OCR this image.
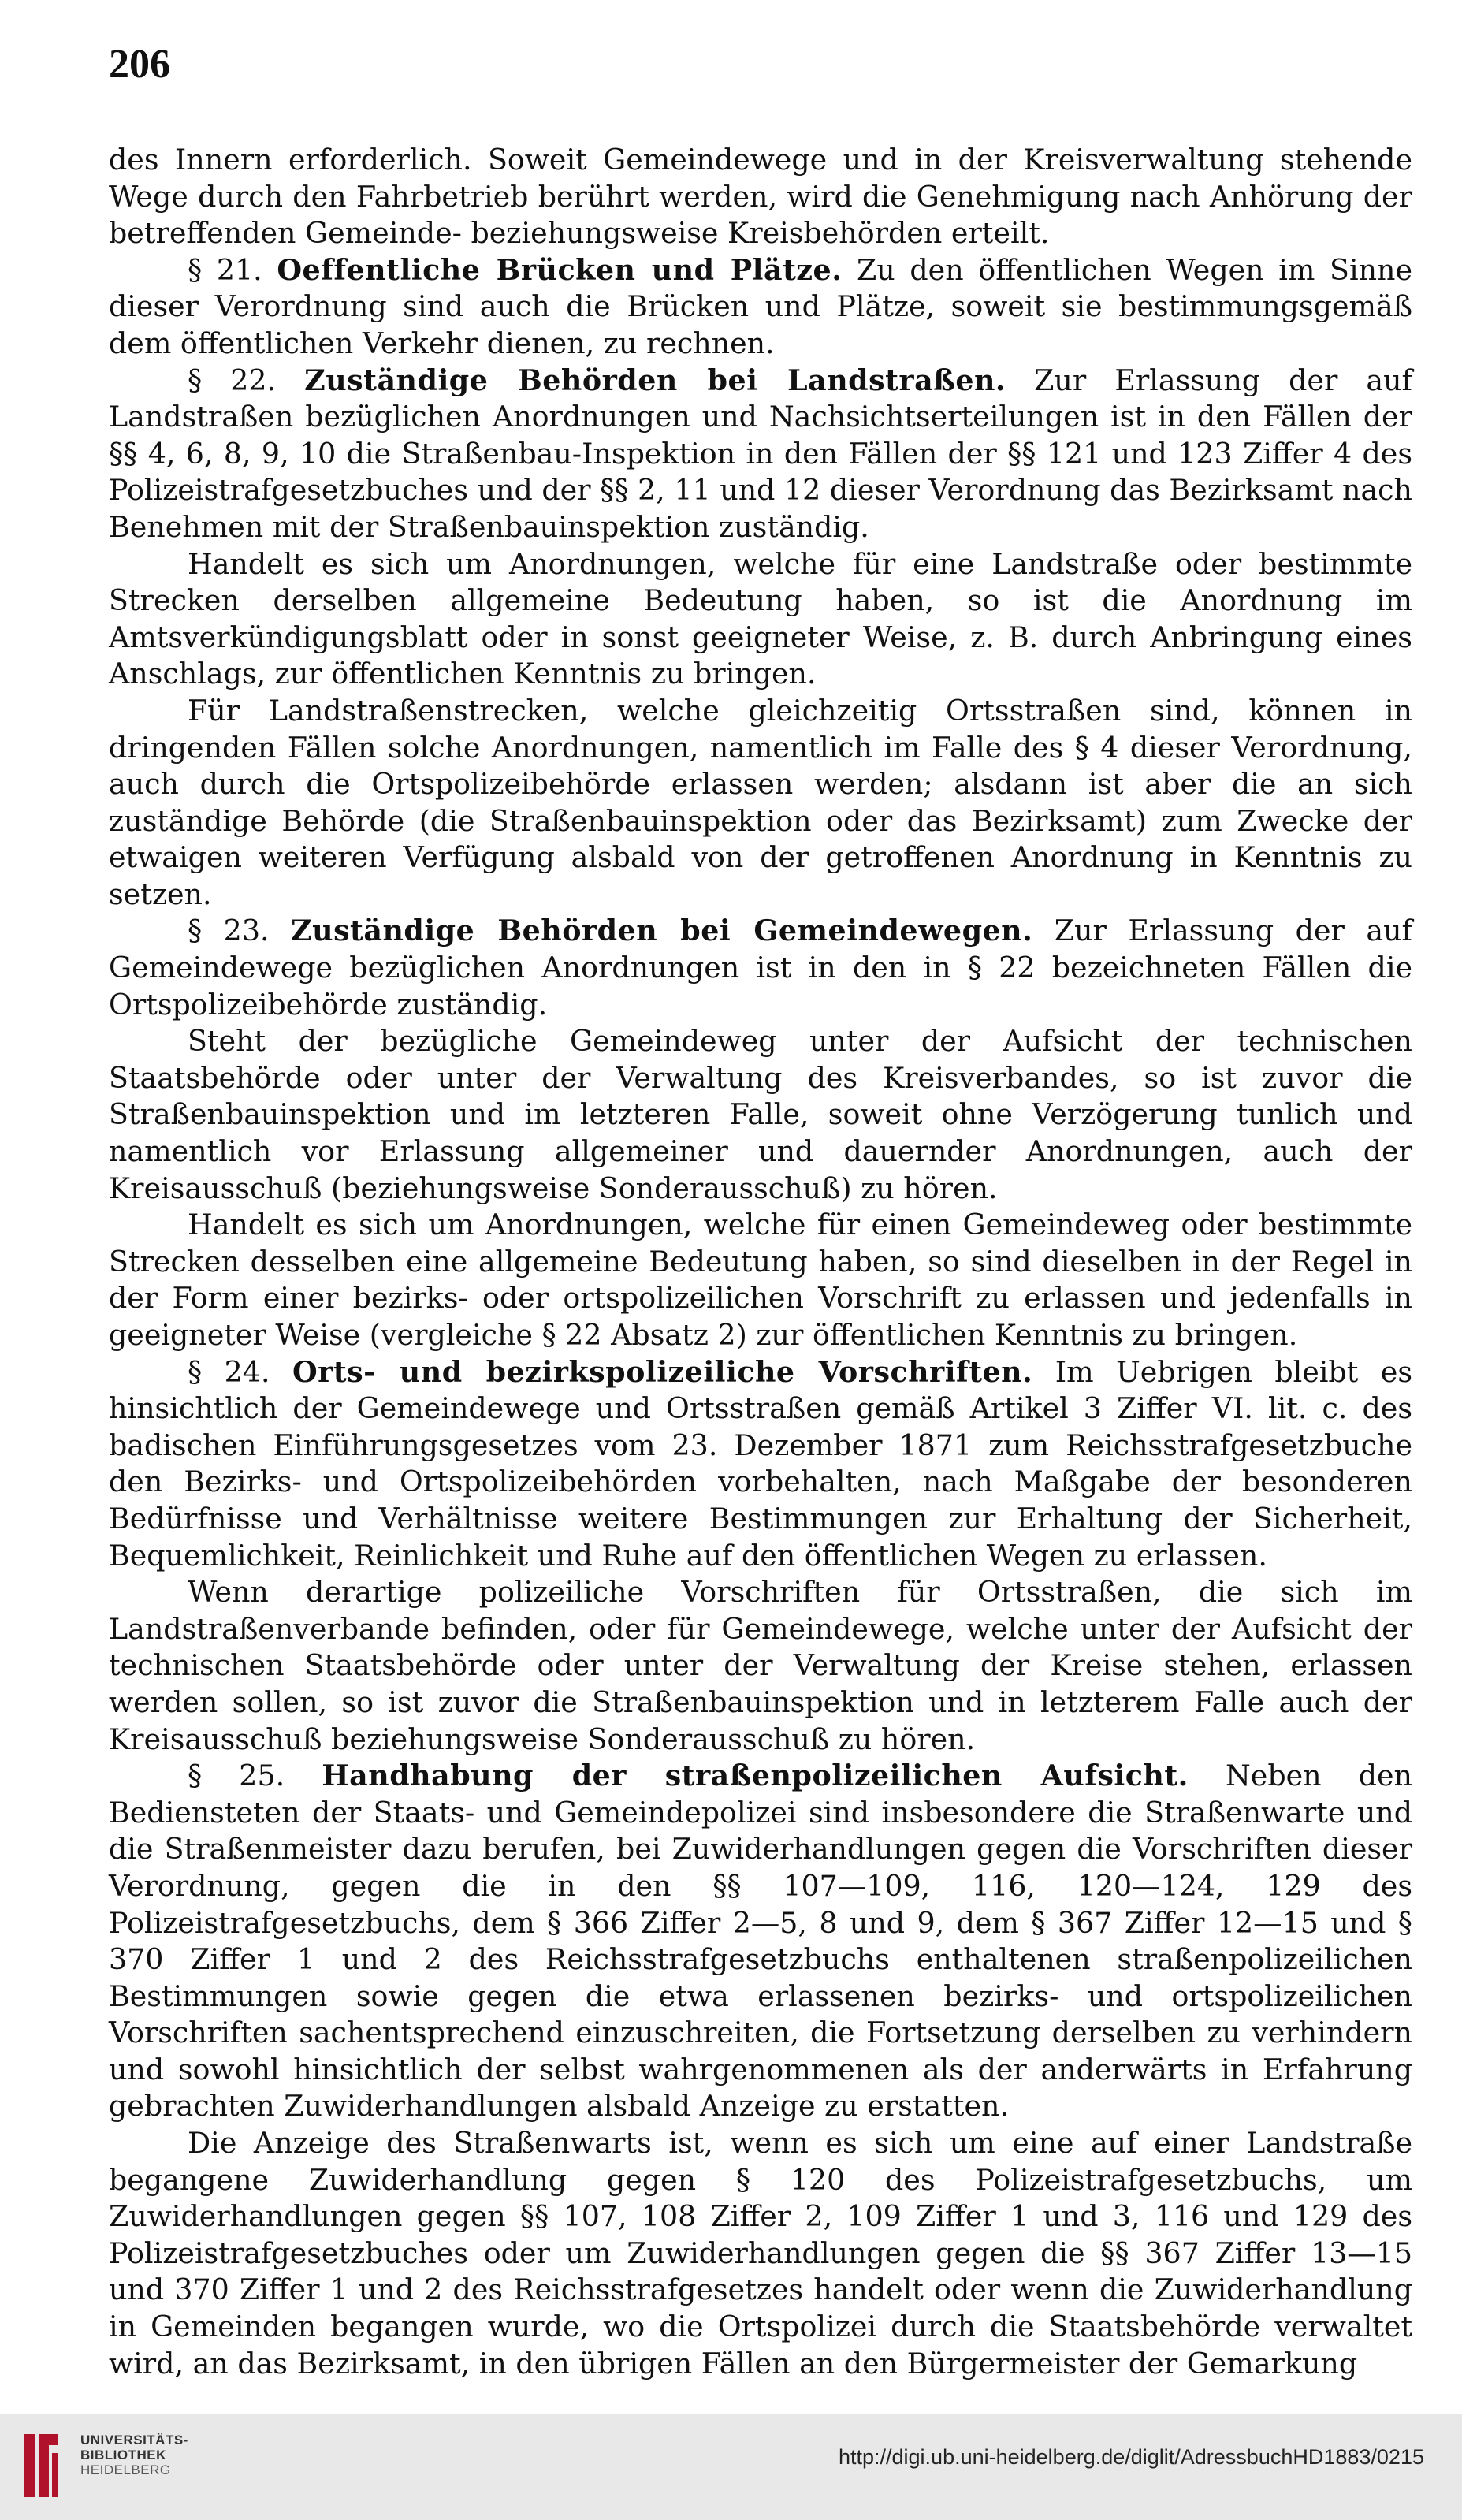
206

des Innern erforderlich. Soweit Gemeindewege und in der Kreisverwaltung stehende Wege durch den Fahrbetrieb berührt werden, wird die Genehmigung nach Anhörung der betreffenden Gemeinde- beziehungsweise Kreisbehörden erteilt.

§ 21. Oeffentliche Brücken und Plätze. Zu den öffentlichen Wegen im Sinne dieser Verordnung sind auch die Brücken und Plätze, soweit sie bestimmungsgemäß dem öffentlichen Verkehr dienen, zu rechnen.

§ 22. Zuständige Behörden bei Landstraßen. Zur Erlassung der auf Landstraßen bezüglichen Anordnungen und Nachsichtserteilungen ist in den Fällen der §§ 4, 6, 8, 9, 10 die Straßenbau-Inspektion in den Fällen der §§ 121 und 123 Ziffer 4 des Polizeistrafgesetzbuches und der §§ 2, 11 und 12 dieser Verordnung das Bezirksamt nach Benehmen mit der Straßenbauinspektion zuständig.

Handelt es sich um Anordnungen, welche für eine Landstraße oder bestimmte Strecken derselben allgemeine Bedeutung haben, so ist die Anordnung im Amtsverkündigungsblatt oder in sonst geeigneter Weise, z. B. durch Anbringung eines Anschlags, zur öffentlichen Kenntnis zu bringen.

Für Landstraßenstrecken, welche gleichzeitig Ortsstraßen sind, können in dringenden Fällen solche Anordnungen, namentlich im Falle des § 4 dieser Verordnung, auch durch die Ortspolizeibehörde erlassen werden; alsdann ist aber die an sich zuständige Behörde (die Straßenbauinspektion oder das Bezirksamt) zum Zwecke der etwaigen weiteren Verfügung alsbald von der getroffenen Anordnung in Kenntnis zu setzen.

§ 23. Zuständige Behörden bei Gemeindewegen. Zur Erlassung der auf Gemeindewege bezüglichen Anordnungen ist in den in § 22 bezeichneten Fällen die Ortspolizeibehörde zuständig.

Steht der bezügliche Gemeindeweg unter der Aufsicht der technischen Staatsbehörde oder unter der Verwaltung des Kreisverbandes, so ist zuvor die Straßenbauinspektion und im letzteren Falle, soweit ohne Verzögerung tunlich und namentlich vor Erlassung allgemeiner und dauernder Anordnungen, auch der Kreisausschuß (beziehungsweise Sonderausschuß) zu hören.

Handelt es sich um Anordnungen, welche für einen Gemeindeweg oder bestimmte Strecken desselben eine allgemeine Bedeutung haben, so sind dieselben in der Regel in der Form einer bezirks- oder ortspolizeilichen Vorschrift zu erlassen und jedenfalls in geeigneter Weise (vergleiche § 22 Absatz 2) zur öffentlichen Kenntnis zu bringen.

§ 24. Orts- und bezirkspolizeiliche Vorschriften. Im Uebrigen bleibt es hinsichtlich der Gemeindewege und Ortsstraßen gemäß Artikel 3 Ziffer VI. lit. c. des badischen Einführungsgesetzes vom 23. Dezember 1871 zum Reichsstrafgesetzbuche den Bezirks- und Ortspolizeibehörden vorbehalten, nach Maßgabe der besonderen Bedürfnisse und Verhältnisse weitere Bestimmungen zur Erhaltung der Sicherheit, Bequemlichkeit, Reinlichkeit und Ruhe auf den öffentlichen Wegen zu erlassen.

Wenn derartige polizeiliche Vorschriften für Ortsstraßen, die sich im Landstraßenverbande befinden, oder für Gemeindewege, welche unter der Aufsicht der technischen Staatsbehörde oder unter der Verwaltung der Kreise stehen, erlassen werden sollen, so ist zuvor die Straßenbauinspektion und in letzterem Falle auch der Kreisausschuß beziehungsweise Sonderausschuß zu hören.

§ 25. Handhabung der straßenpolizeilichen Aufsicht. Neben den Bediensteten der Staats- und Gemeindepolizei sind insbesondere die Straßenwarte und die Straßenmeister dazu berufen, bei Zuwiderhandlungen gegen die Vorschriften dieser Verordnung, gegen die in den §§ 107—109, 116, 120—124, 129 des Polizeistrafgesetzbuchs, dem § 366 Ziffer 2—5, 8 und 9, dem § 367 Ziffer 12—15 und § 370 Ziffer 1 und 2 des Reichsstrafgesetzbuchs enthaltenen straßenpolizeilichen Bestimmungen sowie gegen die etwa erlassenen bezirks- und ortspolizeilichen Vorschriften sachentsprechend einzuschreiten, die Fortsetzung derselben zu verhindern und sowohl hinsichtlich der selbst wahrgenommenen als der anderwärts in Erfahrung gebrachten Zuwiderhandlungen alsbald Anzeige zu erstatten.

Die Anzeige des Straßenwarts ist, wenn es sich um eine auf einer Landstraße begangene Zuwiderhandlung gegen § 120 des Polizeistrafgesetzbuchs, um Zuwiderhandlungen gegen §§ 107, 108 Ziffer 2, 109 Ziffer 1 und 3, 116 und 129 des Polizeistrafgesetzbuches oder um Zuwiderhandlungen gegen die §§ 367 Ziffer 13—15 und 370 Ziffer 1 und 2 des Reichsstrafgesetzes handelt oder wenn die Zuwiderhandlung in Gemeinden begangen wurde, wo die Ortspolizei durch die Staatsbehörde verwaltet wird, an das Bezirksamt, in den übrigen Fällen an den Bürgermeister der Gemarkung

UNIVERSITÄTS-
BIBLIOTHEK
HEIDELBERG
http://digi.ub.uni-heidelberg.de/diglit/AdressbuchHD1883/0215
